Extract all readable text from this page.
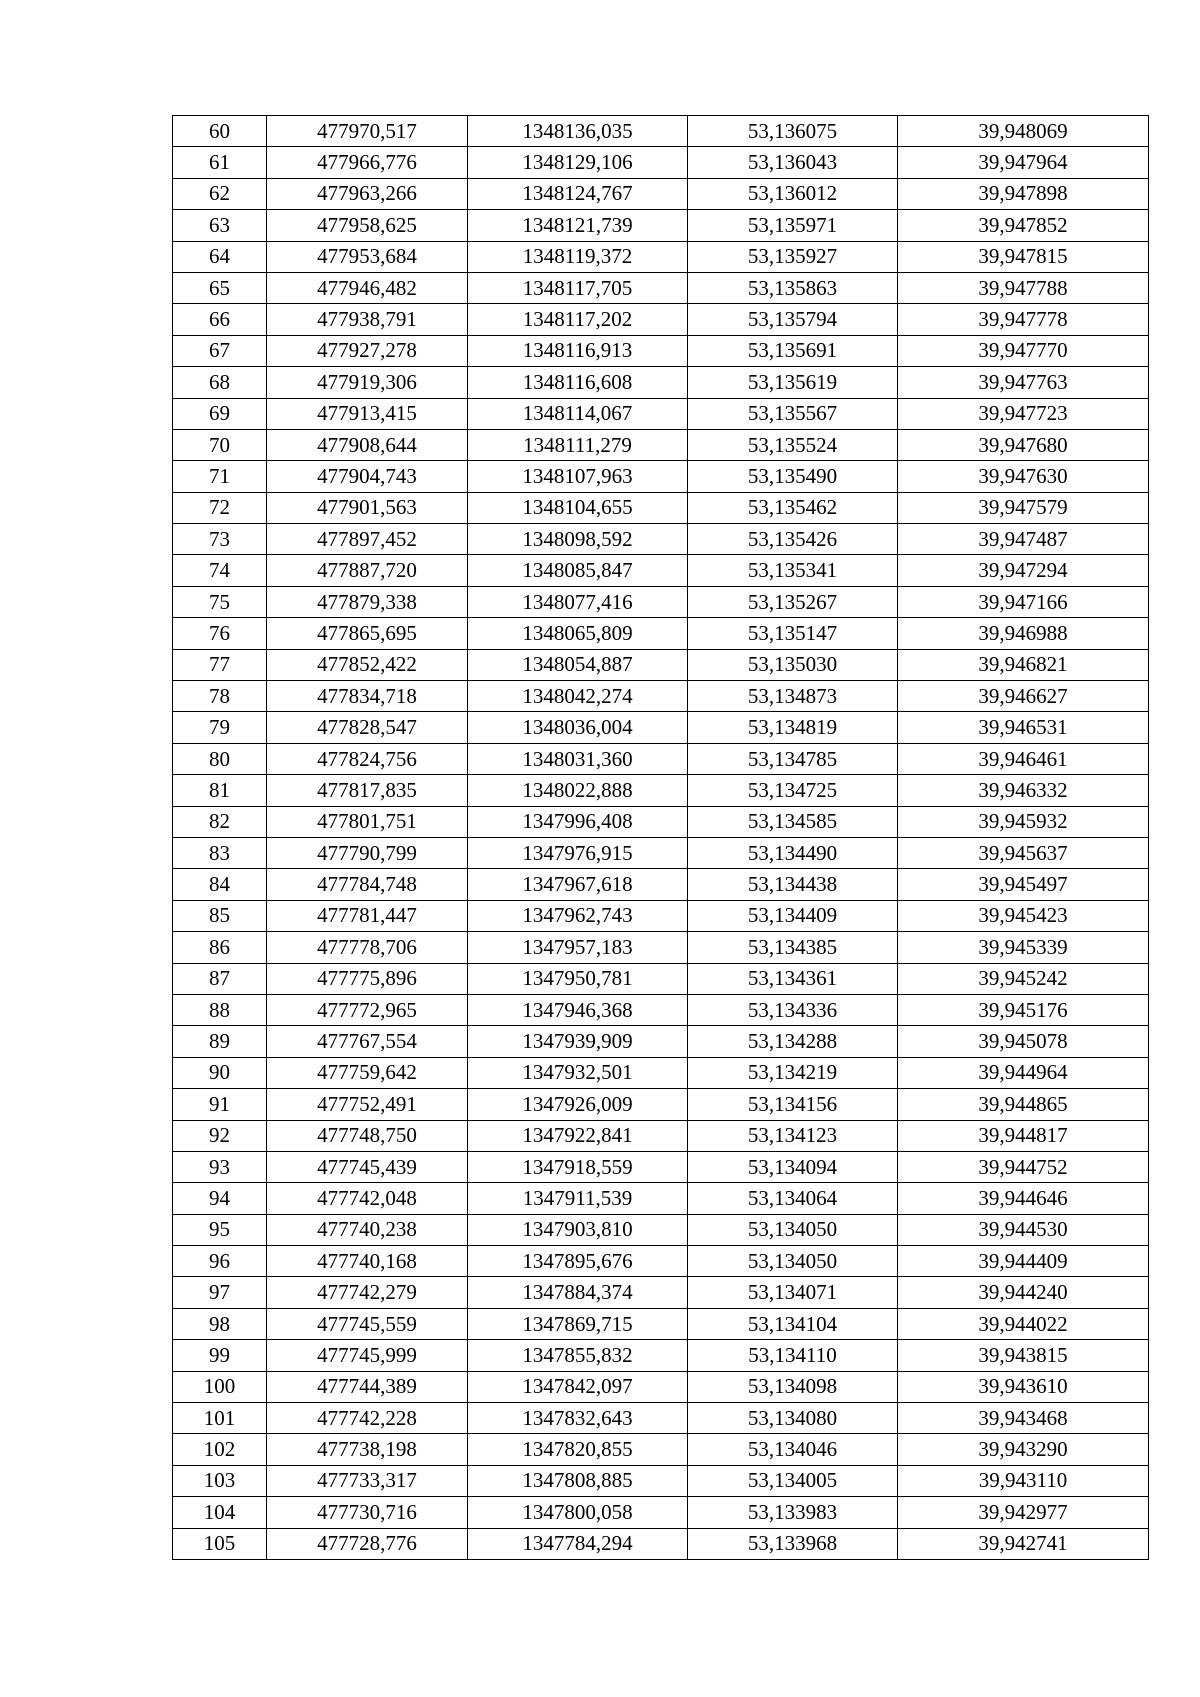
60	477970,517	1348136,035	53,136075	39,948069
61	477966,776	1348129,106	53,136043	39,947964
62	477963,266	1348124,767	53,136012	39,947898
63	477958,625	1348121,739	53,135971	39,947852
64	477953,684	1348119,372	53,135927	39,947815
65	477946,482	1348117,705	53,135863	39,947788
66	477938,791	1348117,202	53,135794	39,947778
67	477927,278	1348116,913	53,135691	39,947770
68	477919,306	1348116,608	53,135619	39,947763
69	477913,415	1348114,067	53,135567	39,947723
70	477908,644	1348111,279	53,135524	39,947680
71	477904,743	1348107,963	53,135490	39,947630
72	477901,563	1348104,655	53,135462	39,947579
73	477897,452	1348098,592	53,135426	39,947487
74	477887,720	1348085,847	53,135341	39,947294
75	477879,338	1348077,416	53,135267	39,947166
76	477865,695	1348065,809	53,135147	39,946988
77	477852,422	1348054,887	53,135030	39,946821
78	477834,718	1348042,274	53,134873	39,946627
79	477828,547	1348036,004	53,134819	39,946531
80	477824,756	1348031,360	53,134785	39,946461
81	477817,835	1348022,888	53,134725	39,946332
82	477801,751	1347996,408	53,134585	39,945932
83	477790,799	1347976,915	53,134490	39,945637
84	477784,748	1347967,618	53,134438	39,945497
85	477781,447	1347962,743	53,134409	39,945423
86	477778,706	1347957,183	53,134385	39,945339
87	477775,896	1347950,781	53,134361	39,945242
88	477772,965	1347946,368	53,134336	39,945176
89	477767,554	1347939,909	53,134288	39,945078
90	477759,642	1347932,501	53,134219	39,944964
91	477752,491	1347926,009	53,134156	39,944865
92	477748,750	1347922,841	53,134123	39,944817
93	477745,439	1347918,559	53,134094	39,944752
94	477742,048	1347911,539	53,134064	39,944646
95	477740,238	1347903,810	53,134050	39,944530
96	477740,168	1347895,676	53,134050	39,944409
97	477742,279	1347884,374	53,134071	39,944240
98	477745,559	1347869,715	53,134104	39,944022
99	477745,999	1347855,832	53,134110	39,943815
100	477744,389	1347842,097	53,134098	39,943610
101	477742,228	1347832,643	53,134080	39,943468
102	477738,198	1347820,855	53,134046	39,943290
103	477733,317	1347808,885	53,134005	39,943110
104	477730,716	1347800,058	53,133983	39,942977
105	477728,776	1347784,294	53,133968	39,942741
